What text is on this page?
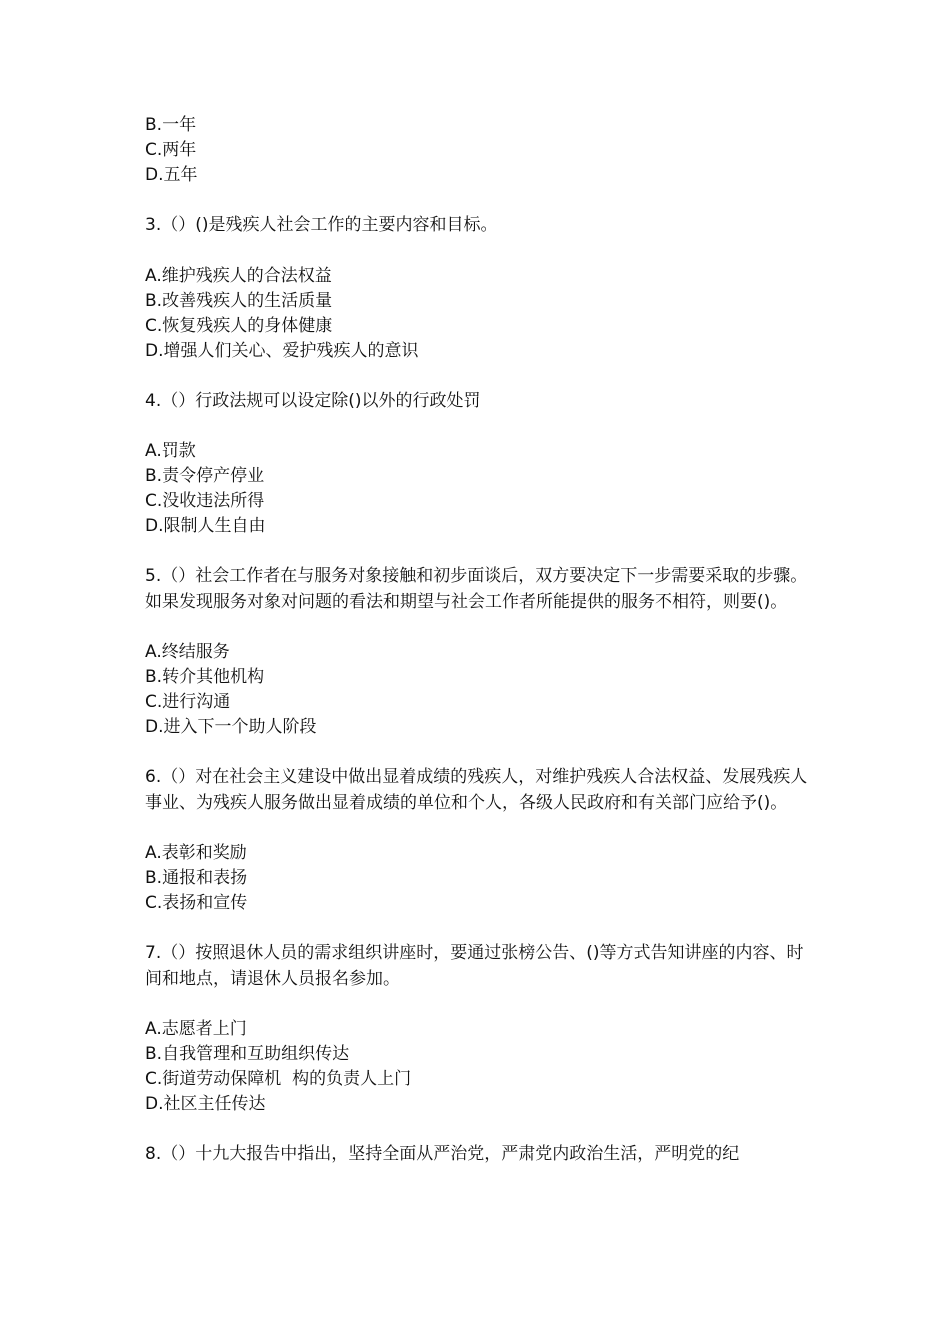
B.一年
C.两年
D.五年
3.（）()是残疾人社会工作的主要内容和目标。
A.维护残疾人的合法权益
B.改善残疾人的生活质量
C.恢复残疾人的身体健康
D.增强人们关心、爱护残疾人的意识
4.（）行政法规可以设定除()以外的行政处罚
A.罚款
B.责令停产停业
C.没收违法所得
D.限制人生自由
5.（）社会工作者在与服务对象接触和初步面谈后，双方要决定下一步需要采取的步骤。如果发现服务对象对问题的看法和期望与社会工作者所能提供的服务不相符，则要()。
A.终结服务
B.转介其他机构
C.进行沟通
D.进入下一个助人阶段
6.（）对在社会主义建设中做出显着成绩的残疾人，对维护残疾人合法权益、发展残疾人事业、为残疾人服务做出显着成绩的单位和个人，各级人民政府和有关部门应给予()。
A.表彰和奖励
B.通报和表扬
C.表扬和宣传
7.（）按照退休人员的需求组织讲座时，要通过张榜公告、()等方式告知讲座的内容、时间和地点，请退休人员报名参加。
A.志愿者上门
B.自我管理和互助组织传达
C.街道劳动保障机  构的负责人上门
D.社区主任传达
8.（）十九大报告中指出，坚持全面从严治党，严肃党内政治生活，严明党的纪
